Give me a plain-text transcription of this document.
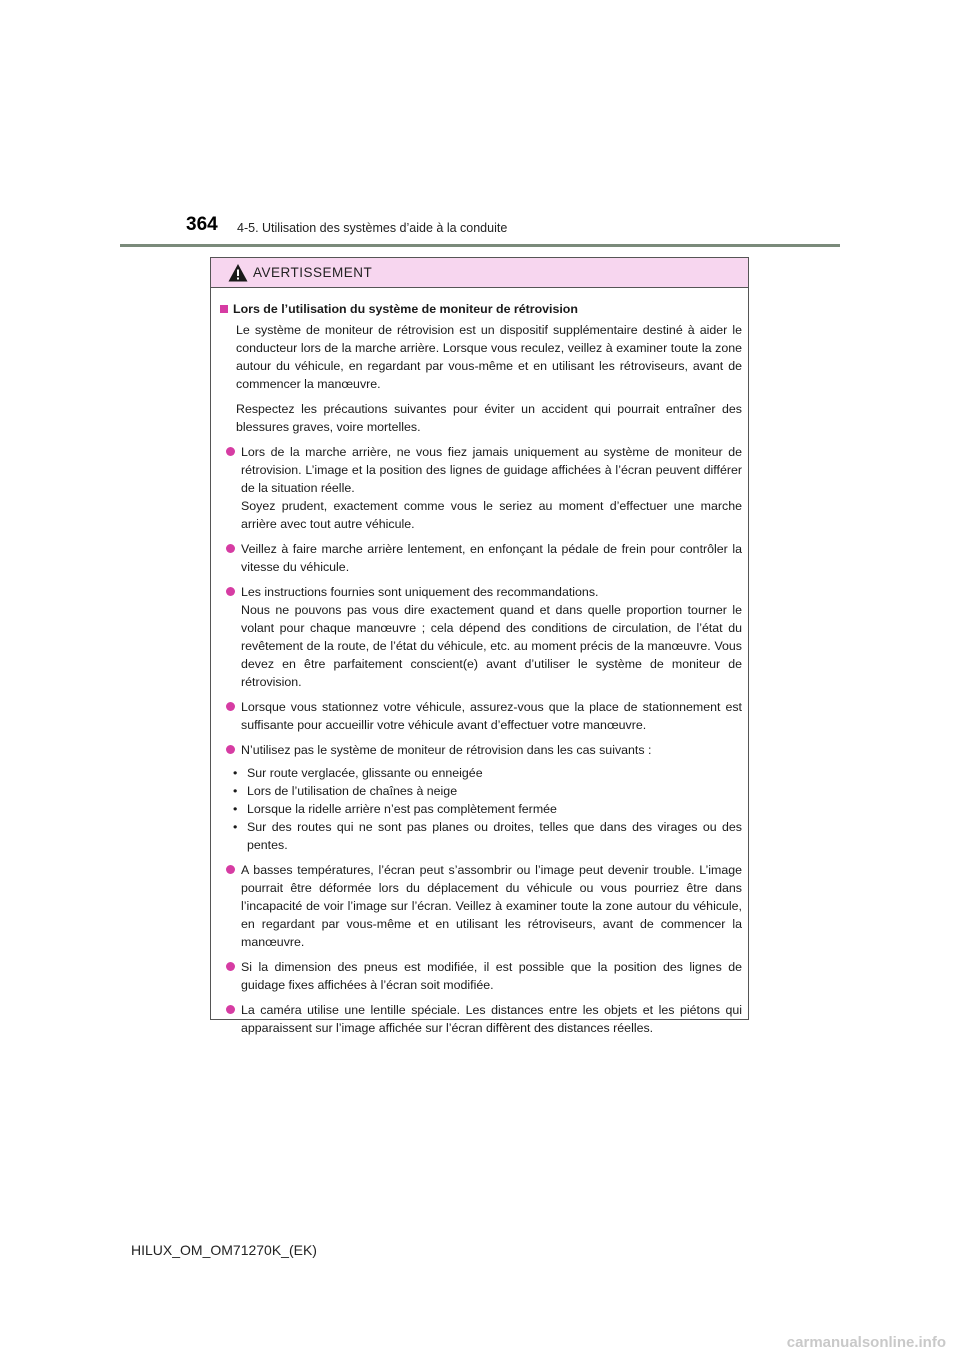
364 4-5. Utilisation des systèmes d’aide à la conduite
AVERTISSEMENT
Lors de l’utilisation du système de moniteur de rétrovision
Le système de moniteur de rétrovision est un dispositif supplémentaire destiné à aider le conducteur lors de la marche arrière. Lorsque vous reculez, veillez à examiner toute la zone autour du véhicule, en regardant par vous-même et en utilisant les rétroviseurs, avant de commencer la manœuvre.
Respectez les précautions suivantes pour éviter un accident qui pourrait entraîner des blessures graves, voire mortelles.
Lors de la marche arrière, ne vous fiez jamais uniquement au système de moniteur de rétrovision. L’image et la position des lignes de guidage affichées à l’écran peuvent différer de la situation réelle.
Soyez prudent, exactement comme vous le seriez au moment d’effectuer une marche arrière avec tout autre véhicule.
Veillez à faire marche arrière lentement, en enfonçant la pédale de frein pour contrôler la vitesse du véhicule.
Les instructions fournies sont uniquement des recommandations.
Nous ne pouvons pas vous dire exactement quand et dans quelle proportion tourner le volant pour chaque manœuvre ; cela dépend des conditions de circulation, de l’état du revêtement de la route, de l’état du véhicule, etc. au moment précis de la manœuvre. Vous devez en être parfaitement conscient(e) avant d’utiliser le système de moniteur de rétrovision.
Lorsque vous stationnez votre véhicule, assurez-vous que la place de stationnement est suffisante pour accueillir votre véhicule avant d’effectuer votre manœuvre.
N’utilisez pas le système de moniteur de rétrovision dans les cas suivants :
• Sur route verglacée, glissante ou enneigée
• Lors de l’utilisation de chaînes à neige
• Lorsque la ridelle arrière n’est pas complètement fermée
• Sur des routes qui ne sont pas planes ou droites, telles que dans des virages ou des pentes.
A basses températures, l’écran peut s’assombrir ou l’image peut devenir trouble. L’image pourrait être déformée lors du déplacement du véhicule ou vous pourriez être dans l’incapacité de voir l’image sur l’écran. Veillez à examiner toute la zone autour du véhicule, en regardant par vous-même et en utilisant les rétroviseurs, avant de commencer la manœuvre.
Si la dimension des pneus est modifiée, il est possible que la position des lignes de guidage fixes affichées à l’écran soit modifiée.
La caméra utilise une lentille spéciale. Les distances entre les objets et les piétons qui apparaissent sur l’image affichée sur l’écran diffèrent des distances réelles.
HILUX_OM_OM71270K_(EK)
carmanualsonline.info
